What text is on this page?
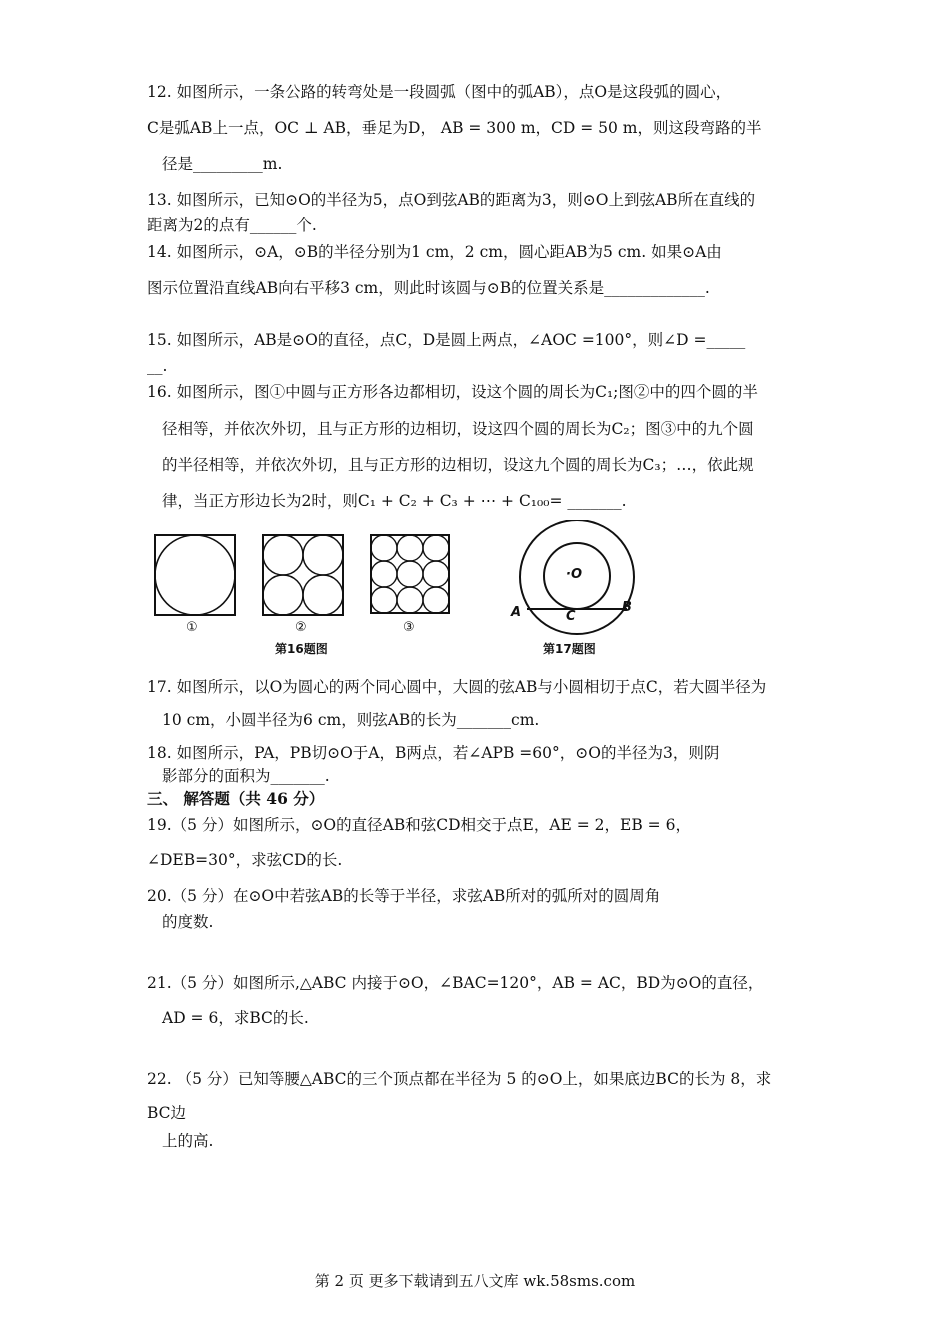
12. 如图所示，一条公路的转弯处是一段圆弧（图中的弧AB），点O是这段弧的圆心，
C是弧AB上一点，OC ⊥ AB，垂足为D， AB = 300 m，CD = 50 m，则这段弯路的半
径是_________m.
13. 如图所示，已知⊙O的半径为5，点O到弦AB的距离为3，则⊙O上到弦AB所在直线的
距离为2的点有______个.
14. 如图所示，⊙A，⊙B的半径分别为1 cm，2 cm，圆心距AB为5 cm. 如果⊙A由
图示位置沿直线AB向右平移3 cm，则此时该圆与⊙B的位置关系是_____________.
15. 如图所示，AB是⊙O的直径，点C，D是圆上两点，∠AOC =100°，则∠D =_____
__.
16. 如图所示，图①中圆与正方形各边都相切，设这个圆的周长为C₁;图②中的四个圆的半
径相等，并依次外切，且与正方形的边相切，设这四个圆的周长为C₂；图③中的九个圆
的半径相等，并依次外切，且与正方形的边相切，设这九个圆的周长为C₃；…，依此规
律，当正方形边长为2时，则C₁ + C₂ + C₃ + ⋯ + C₁₀₀= _______.
①	②	③
第16题图
·O
A	B
C
第17题图
17. 如图所示，以O为圆心的两个同心圆中，大圆的弦AB与小圆相切于点C，若大圆半径为
10 cm，小圆半径为6 cm，则弦AB的长为_______cm.
18. 如图所示，PA，PB切⊙O于A，B两点，若∠APB =60°，⊙O的半径为3，则阴
影部分的面积为_______.
三、 解答题（共 46 分）
19.（5 分）如图所示，⊙O的直径AB和弦CD相交于点E，AE = 2，EB = 6，
∠DEB=30°，求弦CD的长.
20.（5 分）在⊙O中若弦AB的长等于半径，求弦AB所对的弧所对的圆周角
的度数.
21.（5 分）如图所示,△ABC 内接于⊙O，∠BAC=120°，AB = AC，BD为⊙O的直径，
AD = 6，求BC的长.
22. （5 分）已知等腰△ABC的三个顶点都在半径为 5 的⊙O上，如果底边BC的长为 8，求
BC边
上的高.
第 2 页 更多下载请到五八文库 wk.58sms.com
